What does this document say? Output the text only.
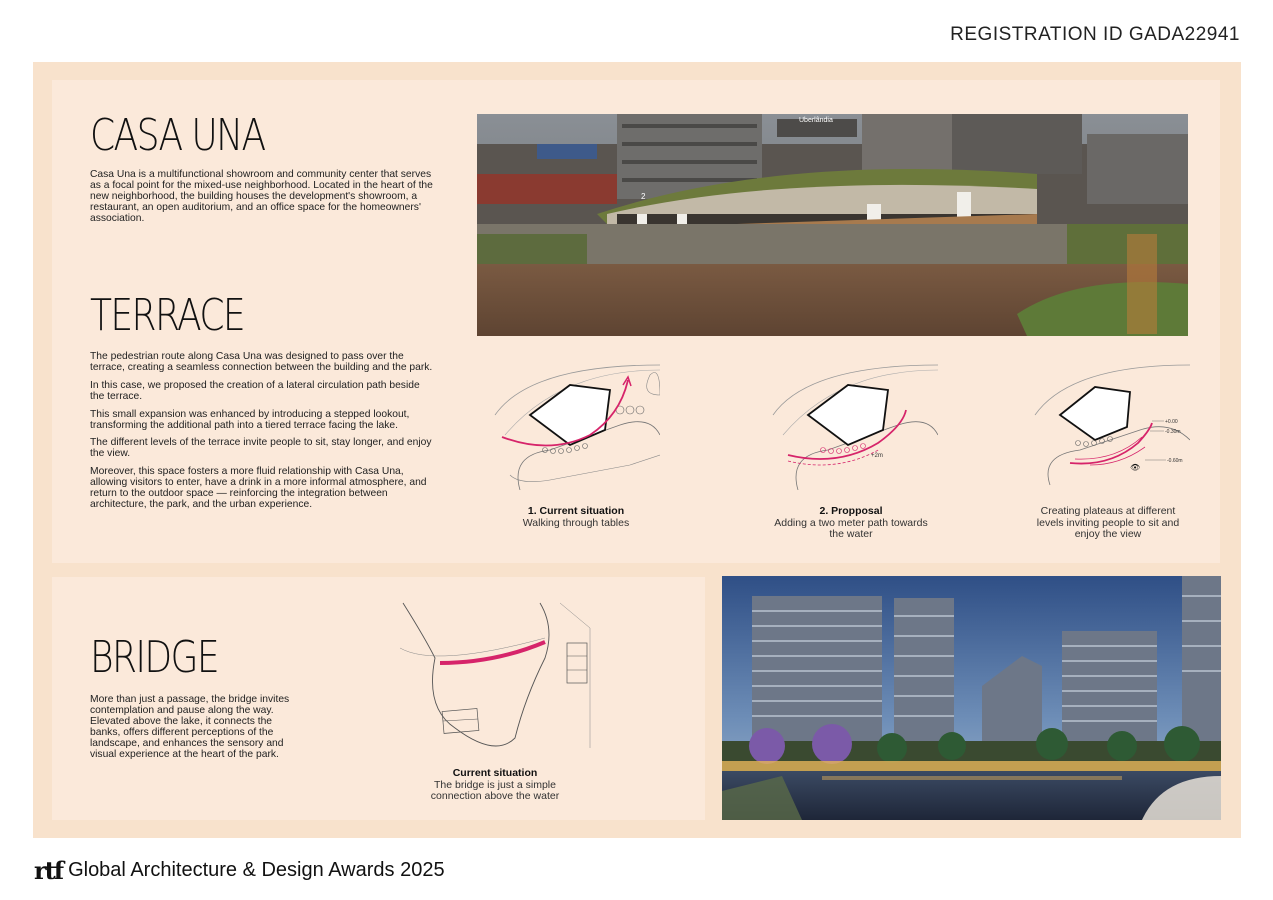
REGISTRATION ID GADA22941
CASA UNA
Casa Una is a multifunctional showroom and community center that serves as a focal point for the mixed-use neighborhood. Located in the heart of the new neighborhood, the building houses the development's showroom, a restaurant, an open auditorium, and an office space for the homeowners' association.
TERRACE

The pedestrian route along Casa Una was designed to pass over the terrace, creating a seamless connection between the building and the park.

In this case, we proposed the creation of a lateral circulation path beside the terrace.

This small expansion was enhanced by introducing a stepped lookout, transforming the additional path into a tiered terrace facing the lake.

The different levels of the terrace invite people to sit, stay longer, and enjoy the view.

Moreover, this space fosters a more fluid relationship with Casa Una, allowing visitors to enter, have a drink in a more informal atmosphere, and return to the outdoor space — reinforcing the integration between architecture, the park, and the urban experience.

Uberlândia
2
1. Current situation
Walking through tables
+2m
2. Propposal
Adding a two meter path towards the water
+0.00
-0.30m
-0.60m
👁
Creating plateaus at different levels inviting people to sit and enjoy the view
BRIDGE
More than just a passage, the bridge invites contemplation and pause along the way. Elevated above the lake, it connects the banks, offers different perceptions of the landscape, and enhances the sensory and visual experience at the heart of the park.
Current situation
The bridge is just a simple connection above the water
rtf Global Architecture & Design Awards 2025
